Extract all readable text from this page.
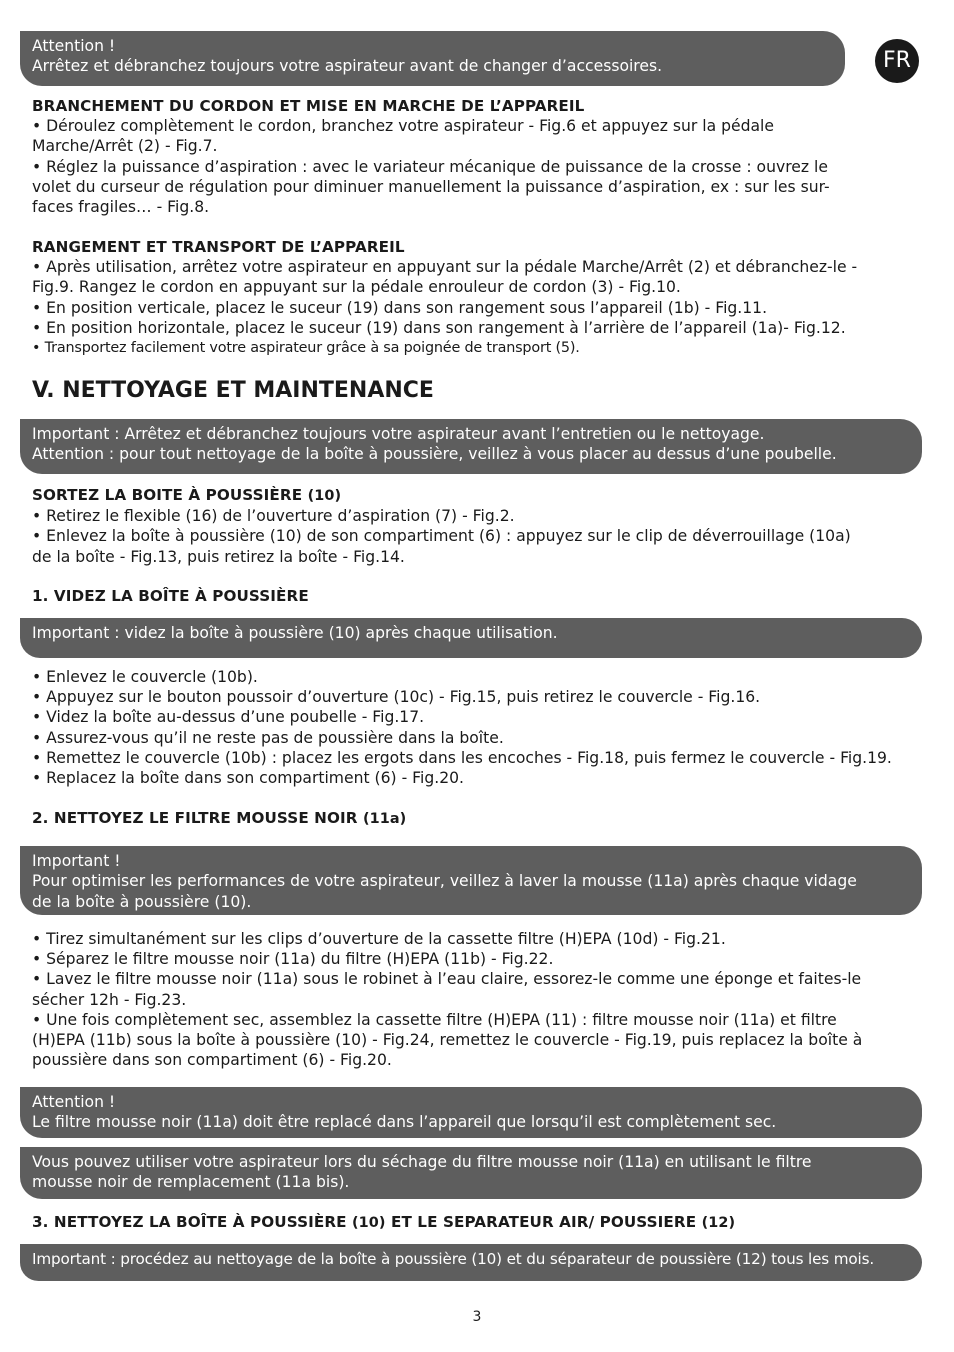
Attention !
Arrêtez et débranchez toujours votre aspirateur avant de changer d’accessoires.	FR
BRANCHEMENT DU CORDON ET MISE EN MARCHE DE L’APPAREIL
• Déroulez complètement le cordon, branchez votre aspirateur - Fig.6 et appuyez sur la pédale
Marche/Arrêt (2) - Fig.7.
• Réglez la puissance d’aspiration : avec le variateur mécanique de puissance de la crosse : ouvrez le
volet du curseur de régulation pour diminuer manuellement la puissance d’aspiration, ex : sur les sur-
faces fragiles… - Fig.8.
RANGEMENT ET TRANSPORT DE L’APPAREIL
• Après utilisation, arrêtez votre aspirateur en appuyant sur la pédale Marche/Arrêt (2) et débranchez-le -
Fig.9. Rangez le cordon en appuyant sur la pédale enrouleur de cordon (3) - Fig.10.
• En position verticale, placez le suceur (19) dans son rangement sous l’appareil (1b) - Fig.11.
• En position horizontale, placez le suceur (19) dans son rangement à l’arrière de l’appareil (1a)- Fig.12.
• Transportez facilement votre aspirateur grâce à sa poignée de transport (5).
V. NETTOYAGE ET MAINTENANCE
Important : Arrêtez et débranchez toujours votre aspirateur avant l’entretien ou le nettoyage.
Attention : pour tout nettoyage de la boîte à poussière, veillez à vous placer au dessus d’une poubelle.
SORTEZ LA BOITE À POUSSIÈRE (10)
• Retirez le flexible (16) de l’ouverture d’aspiration (7) - Fig.2.
• Enlevez la boîte à poussière (10) de son compartiment (6) : appuyez sur le clip de déverrouillage (10a)
de la boîte - Fig.13, puis retirez la boîte - Fig.14.
1. VIDEZ LA BOÎTE À POUSSIÈRE
Important : videz la boîte à poussière (10) après chaque utilisation.
• Enlevez le couvercle (10b).
• Appuyez sur le bouton poussoir d’ouverture (10c) - Fig.15, puis retirez le couvercle - Fig.16.
• Videz la boîte au-dessus d’une poubelle - Fig.17.
• Assurez-vous qu’il ne reste pas de poussière dans la boîte.
• Remettez le couvercle (10b) : placez les ergots dans les encoches - Fig.18, puis fermez le couvercle - Fig.19.
• Replacez la boîte dans son compartiment (6) - Fig.20.
2. NETTOYEZ LE FILTRE MOUSSE NOIR (11a)
Important !
Pour optimiser les performances de votre aspirateur, veillez à laver la mousse (11a) après chaque vidage
de la boîte à poussière (10).
• Tirez simultanément sur les clips d’ouverture de la cassette filtre (H)EPA (10d) - Fig.21.
• Séparez le filtre mousse noir (11a) du filtre (H)EPA (11b) - Fig.22.
• Lavez le filtre mousse noir (11a) sous le robinet à l’eau claire, essorez-le comme une éponge et faites-le
sécher 12h - Fig.23.
• Une fois complètement sec, assemblez la cassette filtre (H)EPA (11) : filtre mousse noir (11a) et filtre
(H)EPA (11b) sous la boîte à poussière (10) - Fig.24, remettez le couvercle - Fig.19, puis replacez la boîte à
poussière dans son compartiment (6) - Fig.20.
Attention !
Le filtre mousse noir (11a) doit être replacé dans l’appareil que lorsqu’il est complètement sec.
Vous pouvez utiliser votre aspirateur lors du séchage du filtre mousse noir (11a) en utilisant le filtre
mousse noir de remplacement (11a bis).
3. NETTOYEZ LA BOÎTE À POUSSIÈRE (10) ET LE SEPARATEUR AIR/ POUSSIERE (12)
Important : procédez au nettoyage de la boîte à poussière (10) et du séparateur de poussière (12) tous les mois.
3
